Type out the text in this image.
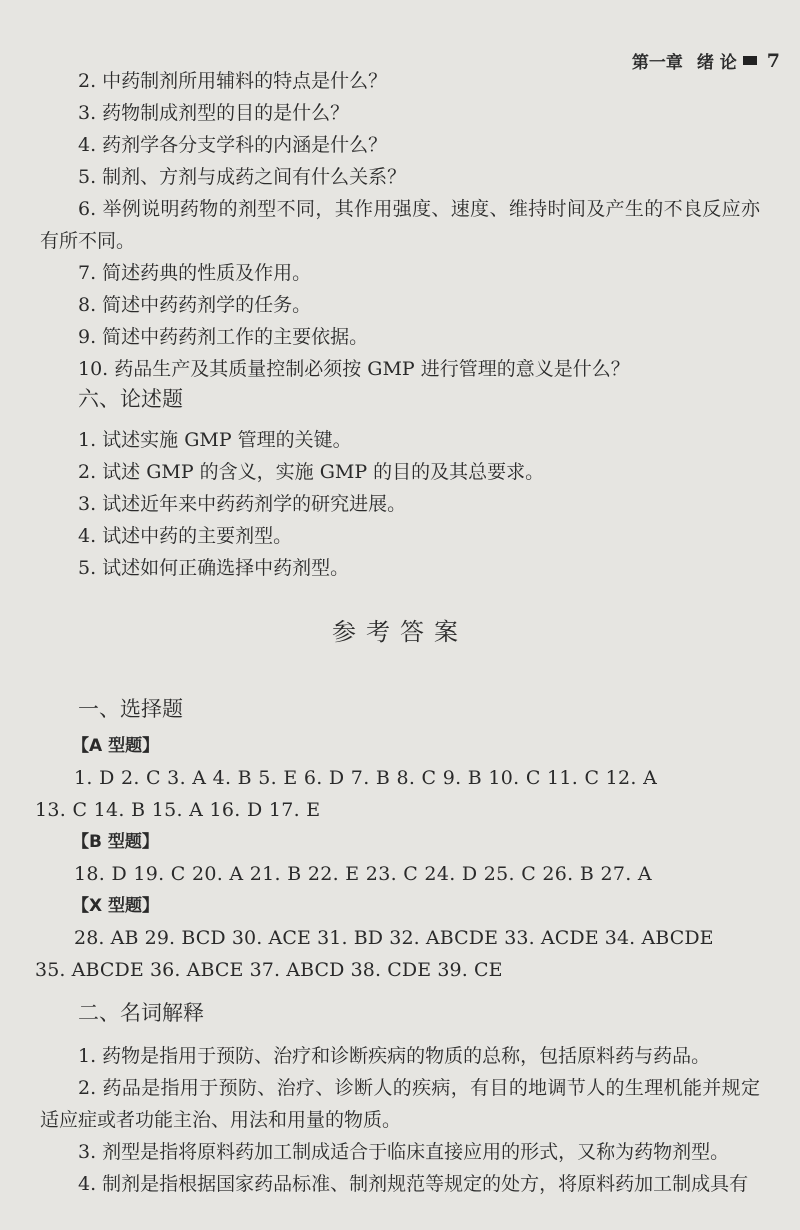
第一章 绪 论 7

2. 中药制剂所用辅料的特点是什么？

3. 药物制成剂型的目的是什么？

4. 药剂学各分支学科的内涵是什么？

5. 制剂、方剂与成药之间有什么关系？

6. 举例说明药物的剂型不同，其作用强度、速度、维持时间及产生的不良反应亦有所不同。

7. 简述药典的性质及作用。

8. 简述中药药剂学的任务。

9. 简述中药药剂工作的主要依据。

10. 药品生产及其质量控制必须按 GMP 进行管理的意义是什么？

六、论述题

1. 试述实施 GMP 管理的关键。

2. 试述 GMP 的含义，实施 GMP 的目的及其总要求。

3. 试述近年来中药药剂学的研究进展。

4. 试述中药的主要剂型。

5. 试述如何正确选择中药剂型。

参考答案

一、选择题

【A 型题】

1. D 2. C 3. A 4. B 5. E 6. D 7. B 8. C 9. B 10. C 11. C 12. A

13. C 14. B 15. A 16. D 17. E

【B 型题】

18. D 19. C 20. A 21. B 22. E 23. C 24. D 25. C 26. B 27. A

【X 型题】

28. AB 29. BCD 30. ACE 31. BD 32. ABCDE 33. ACDE 34. ABCDE

35. ABCDE 36. ABCE 37. ABCD 38. CDE 39. CE

二、名词解释

1. 药物是指用于预防、治疗和诊断疾病的物质的总称，包括原料药与药品。

2. 药品是指用于预防、治疗、诊断人的疾病，有目的地调节人的生理机能并规定适应症或者功能主治、用法和用量的物质。

3. 剂型是指将原料药加工制成适合于临床直接应用的形式，又称为药物剂型。

4. 制剂是指根据国家药品标准、制剂规范等规定的处方，将原料药加工制成具有
